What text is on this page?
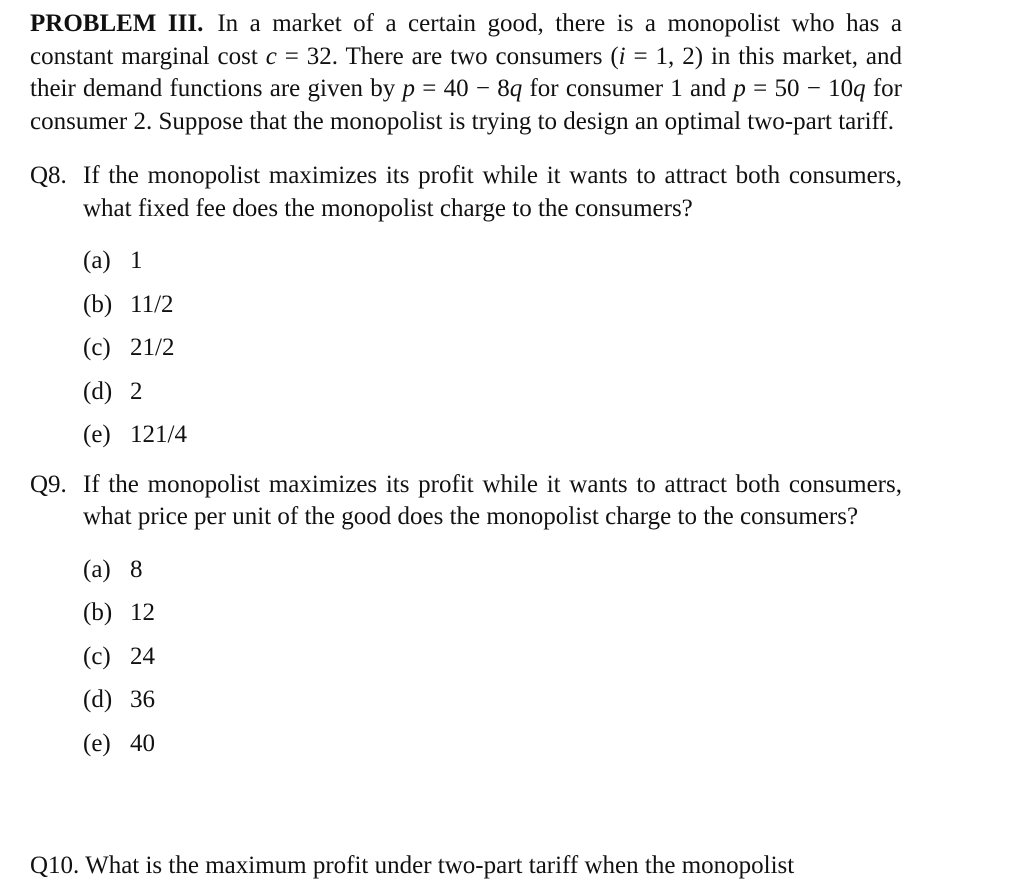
PROBLEM III. In a market of a certain good, there is a monopolist who has a constant marginal cost c = 32. There are two consumers (i = 1, 2) in this market, and their demand functions are given by p = 40 − 8q for consumer 1 and p = 50 − 10q for consumer 2. Suppose that the monopolist is trying to design an optimal two-part tariff.

Q8. If the monopolist maximizes its profit while it wants to attract both consumers, what fixed fee does the monopolist charge to the consumers?
(a) 1
(b) 11/2
(c) 21/2
(d) 2
(e) 121/4
Q9. If the monopolist maximizes its profit while it wants to attract both consumers, what price per unit of the good does the monopolist charge to the consumers?
(a) 8
(b) 12
(c) 24
(d) 36
(e) 40
Q10. What is the maximum profit under two-part tariff when the monopolist
